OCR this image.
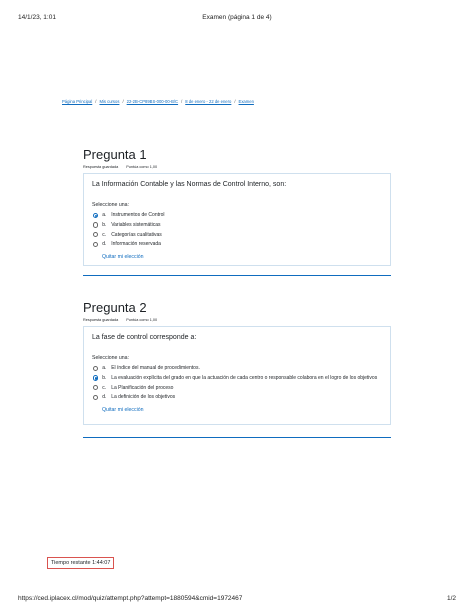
14/1/23, 1:01	Examen (página 1 de 4)
Página Principal / Mis cursos / 22-2B-CP89BS-000-00-B/C / 8 de enero - 22 de enero / Examen
Pregunta 1
Respuesta guardada Puntúa como 1,00
La Información Contable y las Normas de Control Interno, son:
Seleccione una:
a. Instrumentos de Control
b. Variables sistemáticas
c.	Categorías cualitativas
d. Información reservada
Quitar mi elección
Pregunta 2
Respuesta guardada Puntúa como 1,00
La fase de control corresponde a:
Seleccione una:
a. El índice del manual de procedimientos.
b. La evaluación explícita del grado en que la actuación de cada centro o responsable colabora en el logro de los objetivos
c.	La Planificación del proceso
d. La definición de los objetivos
Quitar mi elección
Tiempo restante 1:44:07
https://ced.iplacex.cl/mod/quiz/attempt.php?attempt=1880594&cmid=1972467	1/2
